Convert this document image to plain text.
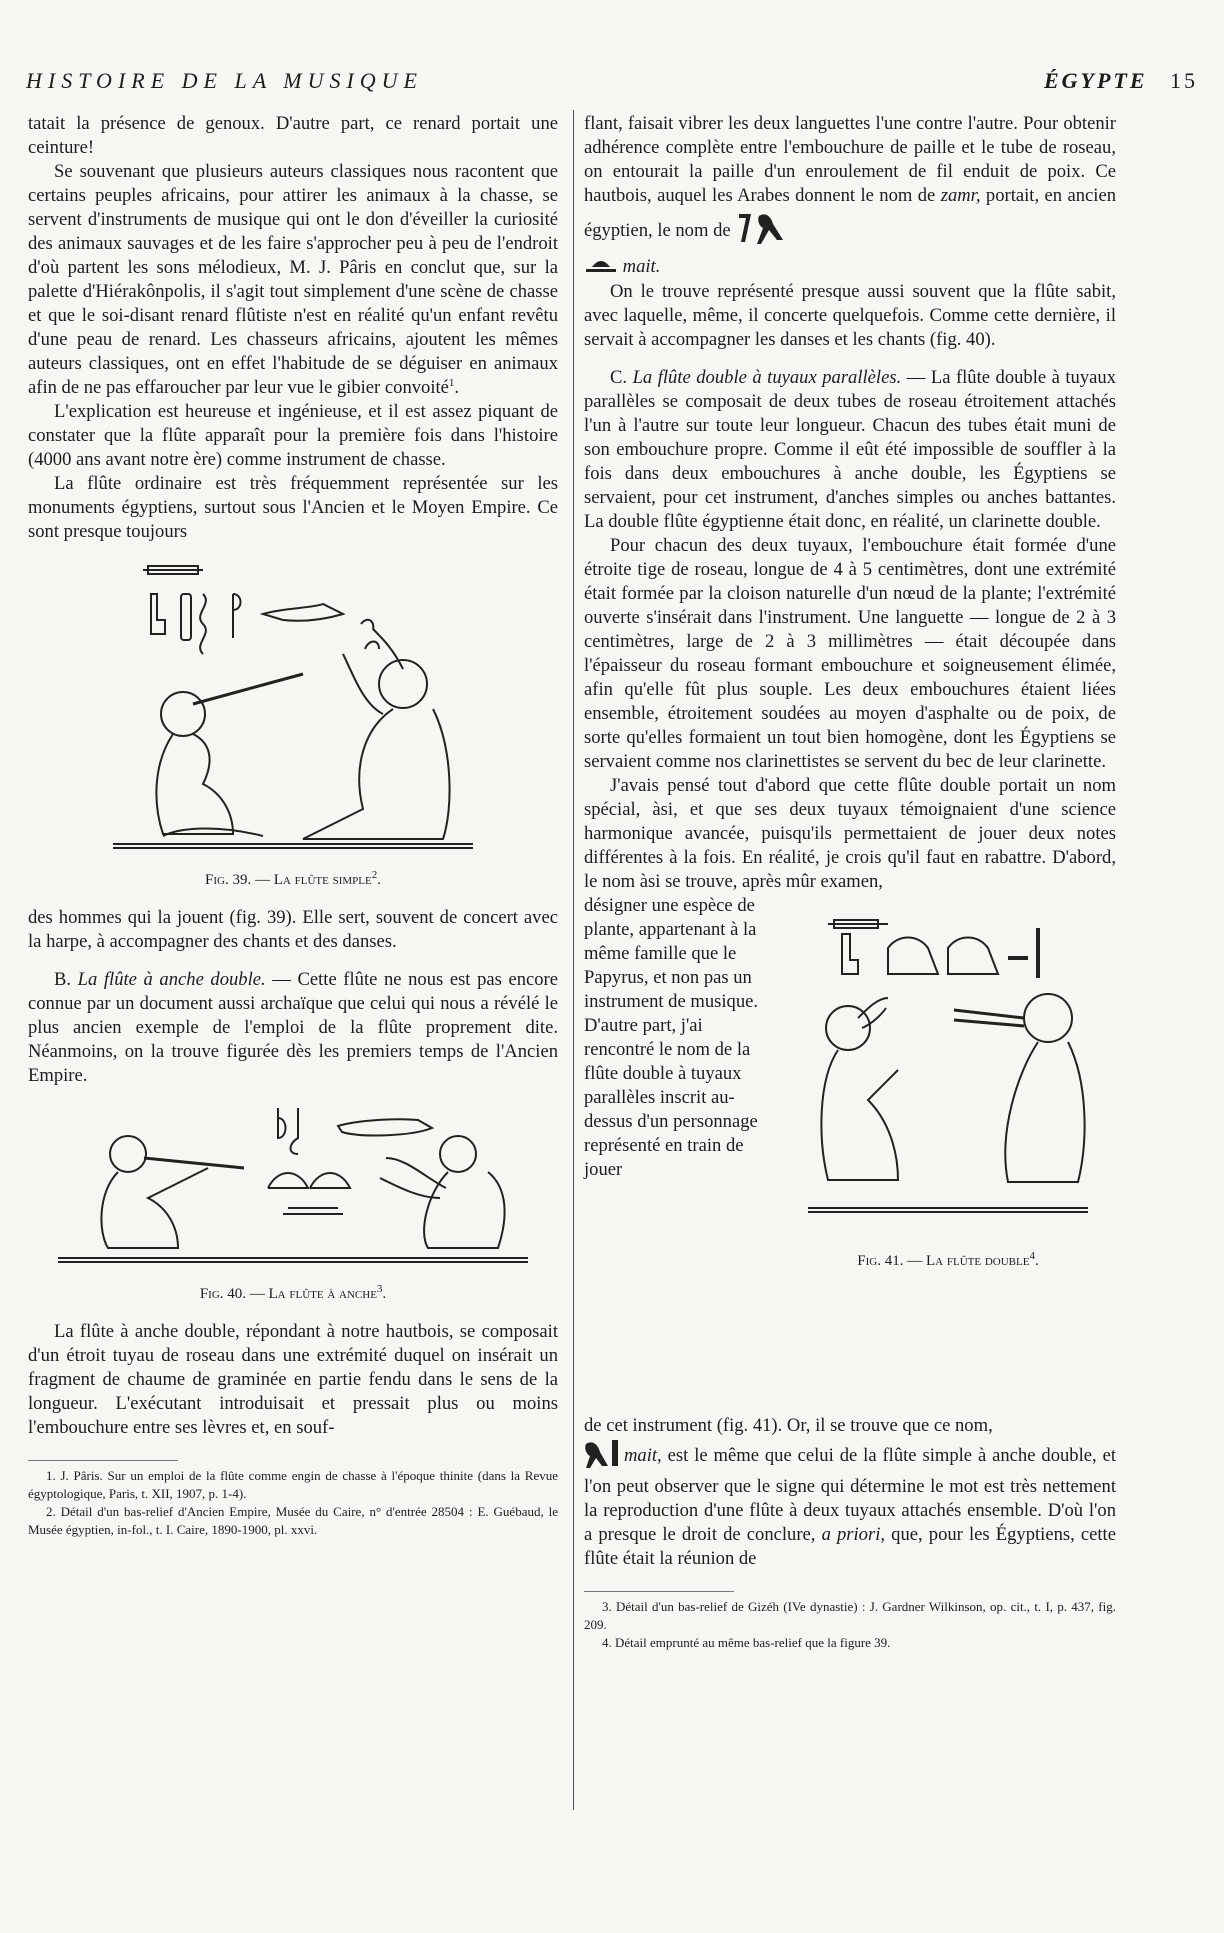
HISTOIRE DE LA MUSIQUE	ÉGYPTE 15

tatait la présence de genoux. D'autre part, ce renard portait une ceinture!

Se souvenant que plusieurs auteurs classiques nous racontent que certains peuples africains, pour attirer les animaux à la chasse, se servent d'instruments de musique qui ont le don d'éveiller la curiosité des animaux sauvages et de les faire s'approcher peu à peu de l'endroit d'où partent les sons mélodieux, M. J. Pâris en conclut que, sur la palette d'Hiérakônpolis, il s'agit tout simplement d'une scène de chasse et que le soi-disant renard flûtiste n'est en réalité qu'un enfant revêtu d'une peau de renard. Les chasseurs africains, ajoutent les mêmes auteurs classiques, ont en effet l'habitude de se déguiser en animaux afin de ne pas effaroucher par leur vue le gibier convoité$^1$.

L'explication est heureuse et ingénieuse, et il est assez piquant de constater que la flûte apparaît pour la première fois dans l'histoire (4000 ans avant notre ère) comme instrument de chasse.

La flûte ordinaire est très fréquemment représentée sur les monuments égyptiens, surtout sous l'Ancien et le Moyen Empire. Ce sont presque toujours

Fig. 39. — La flûte simple$^2$.

des hommes qui la jouent (fig. 39). Elle sert, souvent de concert avec la harpe, à accompagner des chants et des danses.

B. La flûte à anche double. — Cette flûte ne nous est pas encore connue par un document aussi archaïque que celui qui nous a révélé le plus ancien exemple de l'emploi de la flûte proprement dite. Néanmoins, on la trouve figurée dès les premiers temps de l'Ancien Empire.

Fig. 40. — La flûte à anche$^3$.

La flûte à anche double, répondant à notre hautbois, se composait d'un étroit tuyau de roseau dans une extrémité duquel on insérait un fragment de chaume de graminée en partie fendu dans le sens de la longueur. L'exécutant introduisait et pressait plus ou moins l'embouchure entre ses lèvres et, en souf-

1. J. Pâris. Sur un emploi de la flûte comme engin de chasse à l'époque thinite (dans la Revue égyptologique, Paris, t. XII, 1907, p. 1-4).

2. Détail d'un bas-relief d'Ancien Empire, Musée du Caire, n° d'entrée 28504 : E. Guébaud, le Musée égyptien, in-fol., t. I. Caire, 1890-1900, pl. xxvi.

flant, faisait vibrer les deux languettes l'une contre l'autre. Pour obtenir adhérence complète entre l'embouchure de paille et le tube de roseau, on entourait la paille d'un enroulement de fil enduit de poix. Ce hautbois, auquel les Arabes donnent le nom de zamr, portait, en ancien égyptien, le nom de
mait.

On le trouve représenté presque aussi souvent que la flûte sabit, avec laquelle, même, il concerte quelquefois. Comme cette dernière, il servait à accompagner les danses et les chants (fig. 40).

C. La flûte double à tuyaux parallèles. — La flûte double à tuyaux parallèles se composait de deux tubes de roseau étroitement attachés l'un à l'autre sur toute leur longueur. Chacun des tubes était muni de son embouchure propre. Comme il eût été impossible de souffler à la fois dans deux embouchures à anche double, les Égyptiens se servaient, pour cet instrument, d'anches simples ou anches battantes. La double flûte égyptienne était donc, en réalité, un clarinette double.

Pour chacun des deux tuyaux, l'embouchure était formée d'une étroite tige de roseau, longue de 4 à 5 centimètres, dont une extrémité était formée par la cloison naturelle d'un nœud de la plante; l'extrémité ouverte s'insérait dans l'instrument. Une languette — longue de 2 à 3 centimètres, large de 2 à 3 millimètres — était découpée dans l'épaisseur du roseau formant embouchure et soigneusement élimée, afin qu'elle fût plus souple. Les deux embouchures étaient liées ensemble, étroitement soudées au moyen d'asphalte ou de poix, de sorte qu'elles formaient un tout bien homogène, dont les Égyptiens se servaient comme nos clarinettistes se servent du bec de leur clarinette.

J'avais pensé tout d'abord que cette flûte double portait un nom spécial, àsi, et que ses deux tuyaux témoignaient d'une science harmonique avancée, puisqu'ils permettaient de jouer deux notes différentes à la fois. En réalité, je crois qu'il faut en rabattre. D'abord, le nom àsi se trouve, après mûr examen,

désigner une espèce de plante, appartenant à la même famille que le Papyrus, et non pas un instrument de musique. D'autre part, j'ai rencontré le nom de la flûte double à tuyaux parallèles inscrit au-dessus d'un personnage représenté en train de jouer
Fig. 41. — La flûte double$^4$.

de cet instrument (fig. 41). Or, il se trouve que ce nom,
mait, est le même que celui de la flûte simple à anche double, et l'on peut observer que le signe qui détermine le mot est très nettement la reproduction d'une flûte à deux tuyaux attachés ensemble. D'où l'on a presque le droit de conclure, a priori, que, pour les Égyptiens, cette flûte était la réunion de

3. Détail d'un bas-relief de Gizéh (IVe dynastie) : J. Gardner Wilkinson, op. cit., t. I, p. 437, fig. 209.

4. Détail emprunté au même bas-relief que la figure 39.
